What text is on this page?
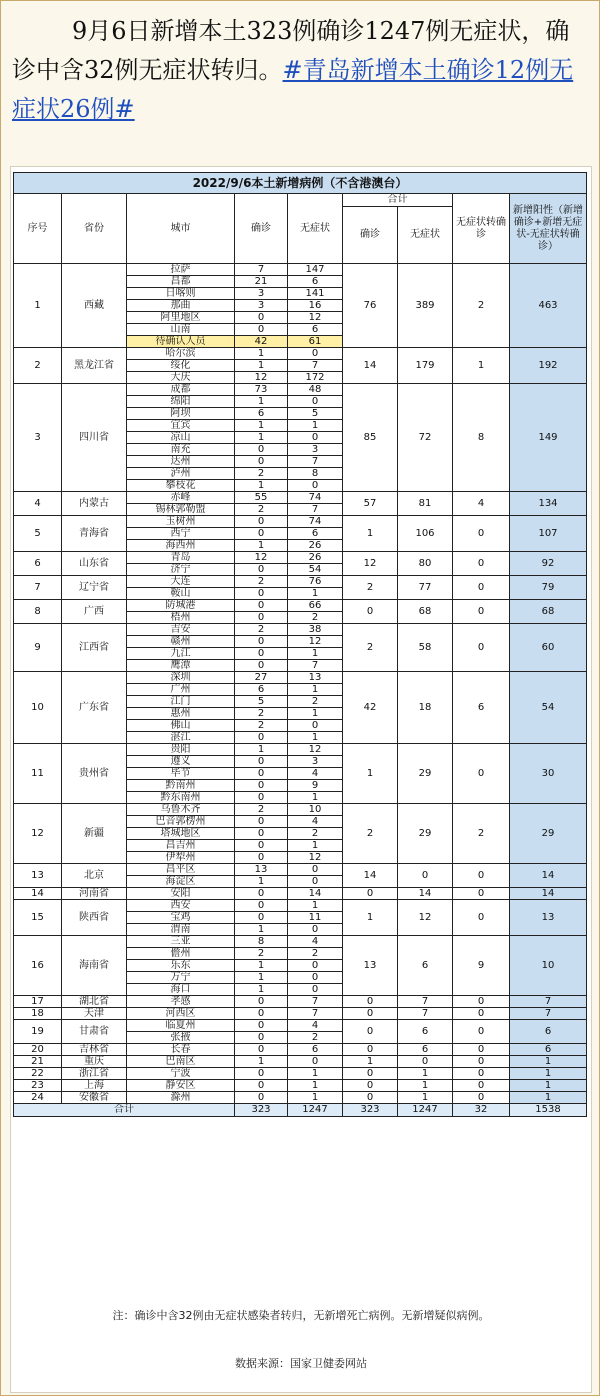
9月6日新增本土323例确诊1247例无症状，确诊中含32例无症状转归。#青岛新增本土确诊12例无症状26例#
2022/9/6本土新增病例（不含港澳台）								
序号	省份	城市	确诊	无症状	合计		无症状转确诊	新增阳性（新增确诊+新增无症状-无症状转确诊）
					确诊	无症状		
1	西藏	拉萨	7	147	76	389	2	463
		昌都	21	6				
		日喀则	3	141				
		那曲	3	16				
		阿里地区	0	12				
		山南	0	6				
		待确认人员	42	61				
2	黑龙江省	哈尔滨	1	0	14	179	1	192
		绥化	1	7				
		大庆	12	172				
3	四川省	成都	73	48	85	72	8	149
		绵阳	1	0				
		阿坝	6	5				
		宜宾	1	1				
		凉山	1	0				
		南充	0	3				
		达州	0	7				
		泸州	2	8				
		攀枝花	1	0				
4	内蒙古	赤峰	55	74	57	81	4	134
		锡林郭勒盟	2	7				
5	青海省	玉树州	0	74	1	106	0	107
		西宁	0	6				
		海西州	1	26				
6	山东省	青岛	12	26	12	80	0	92
		济宁	0	54				
7	辽宁省	大连	2	76	2	77	0	79
		鞍山	0	1				
8	广西	防城港	0	66	0	68	0	68
		梧州	0	2				
9	江西省	吉安	2	38	2	58	0	60
		赣州	0	12				
		九江	0	1				
		鹰潭	0	7				
10	广东省	深圳	27	13	42	18	6	54
		广州	6	1				
		江门	5	2				
		惠州	2	1				
		佛山	2	0				
		湛江	0	1				
11	贵州省	贵阳	1	12	1	29	0	30
		遵义	0	3				
		毕节	0	4				
		黔南州	0	9				
		黔东南州	0	1				
12	新疆	乌鲁木齐	2	10	2	29	2	29
		巴音郭楞州	0	4				
		塔城地区	0	2				
		昌吉州	0	1				
		伊犁州	0	12				
13	北京	昌平区	13	0	14	0	0	14
		海淀区	1	0				
14	河南省	安阳	0	14	0	14	0	14
15	陕西省	西安	0	1	1	12	0	13
		宝鸡	0	11				
		渭南	1	0				
16	海南省	三亚	8	4	13	6	9	10
		儋州	2	2				
		乐东	1	0				
		万宁	1	0				
		海口	1	0				
17	湖北省	孝感	0	7	0	7	0	7
18	天津	河西区	0	7	0	7	0	7
19	甘肃省	临夏州	0	4	0	6	0	6
		张掖	0	2				
20	吉林省	长春	0	6	0	6	0	6
21	重庆	巴南区	1	0	1	0	0	1
22	浙江省	宁波	0	1	0	1	0	1
23	上海	静安区	0	1	0	1	0	1
24	安徽省	滁州	0	1	0	1	0	1
合计			323	1247	323	1247	32	1538
注：确诊中含32例由无症状感染者转归，无新增死亡病例。无新增疑似病例。
数据来源：国家卫健委网站
